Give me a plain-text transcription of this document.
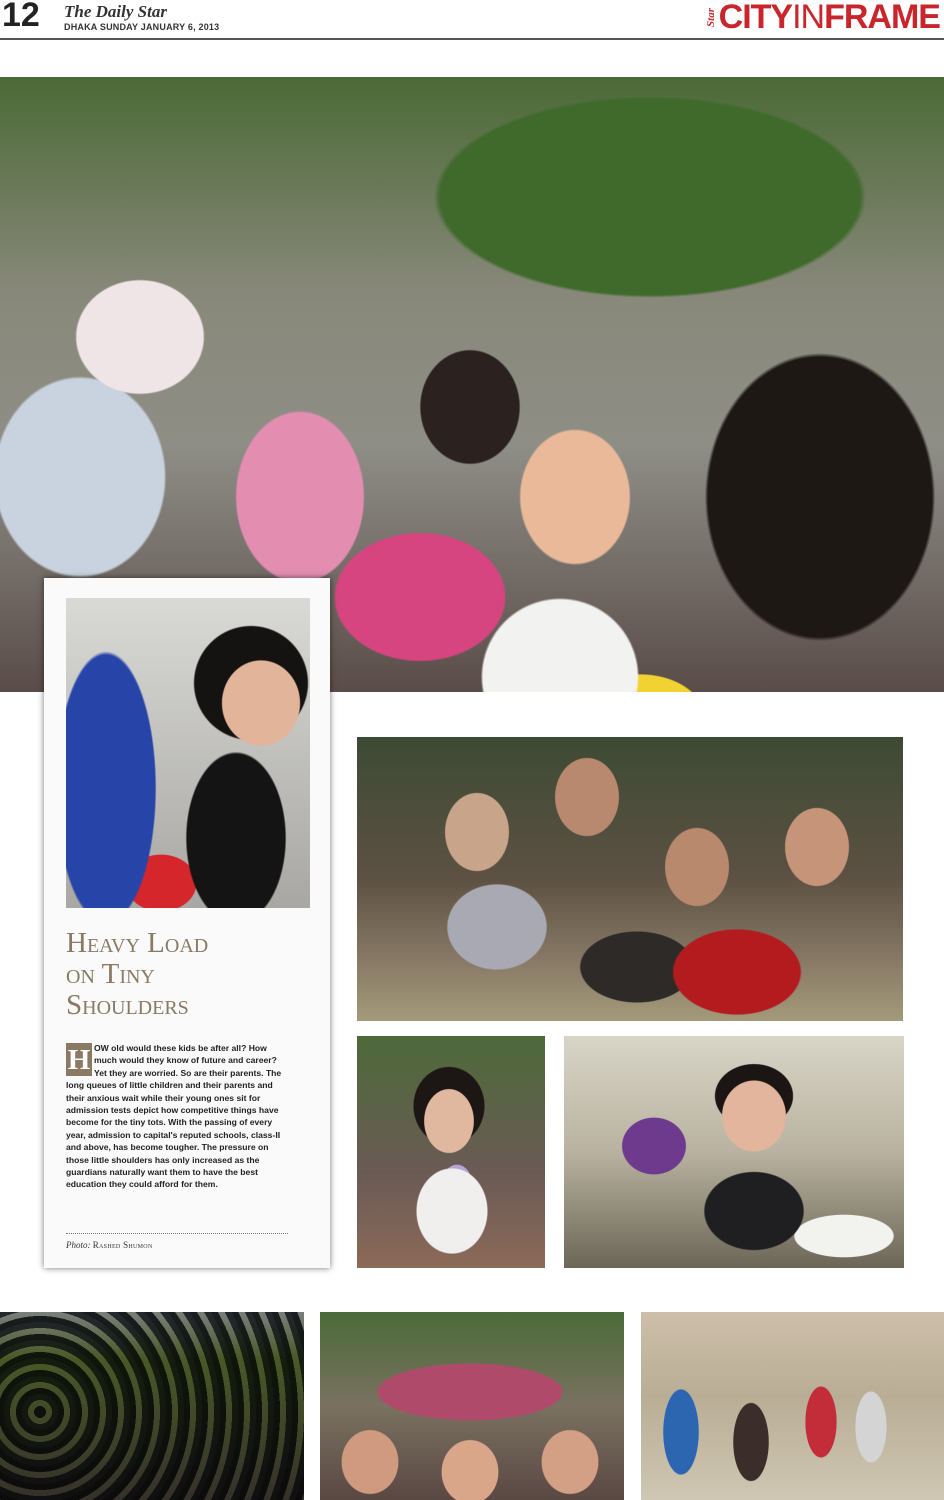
12 The Daily Star
DHAKA SUNDAY JANUARY 6, 2013
Star CITY IN FRAME
Heavy Load
on Tiny
Shoulders
H OW old would these kids be after all? How much would they know of future and career? Yet they are worried. So are their parents. The long queues of little children and their parents and their anxious wait while their young ones sit for admission tests depict how competitive things have become for the tiny tots. With the passing of every year, admission to capital's reputed schools, class-II and above, has become tougher. The pressure on those little shoulders has only increased as the guardians naturally want them to have the best education they could afford for them.
Photo: Rashed Shumon
